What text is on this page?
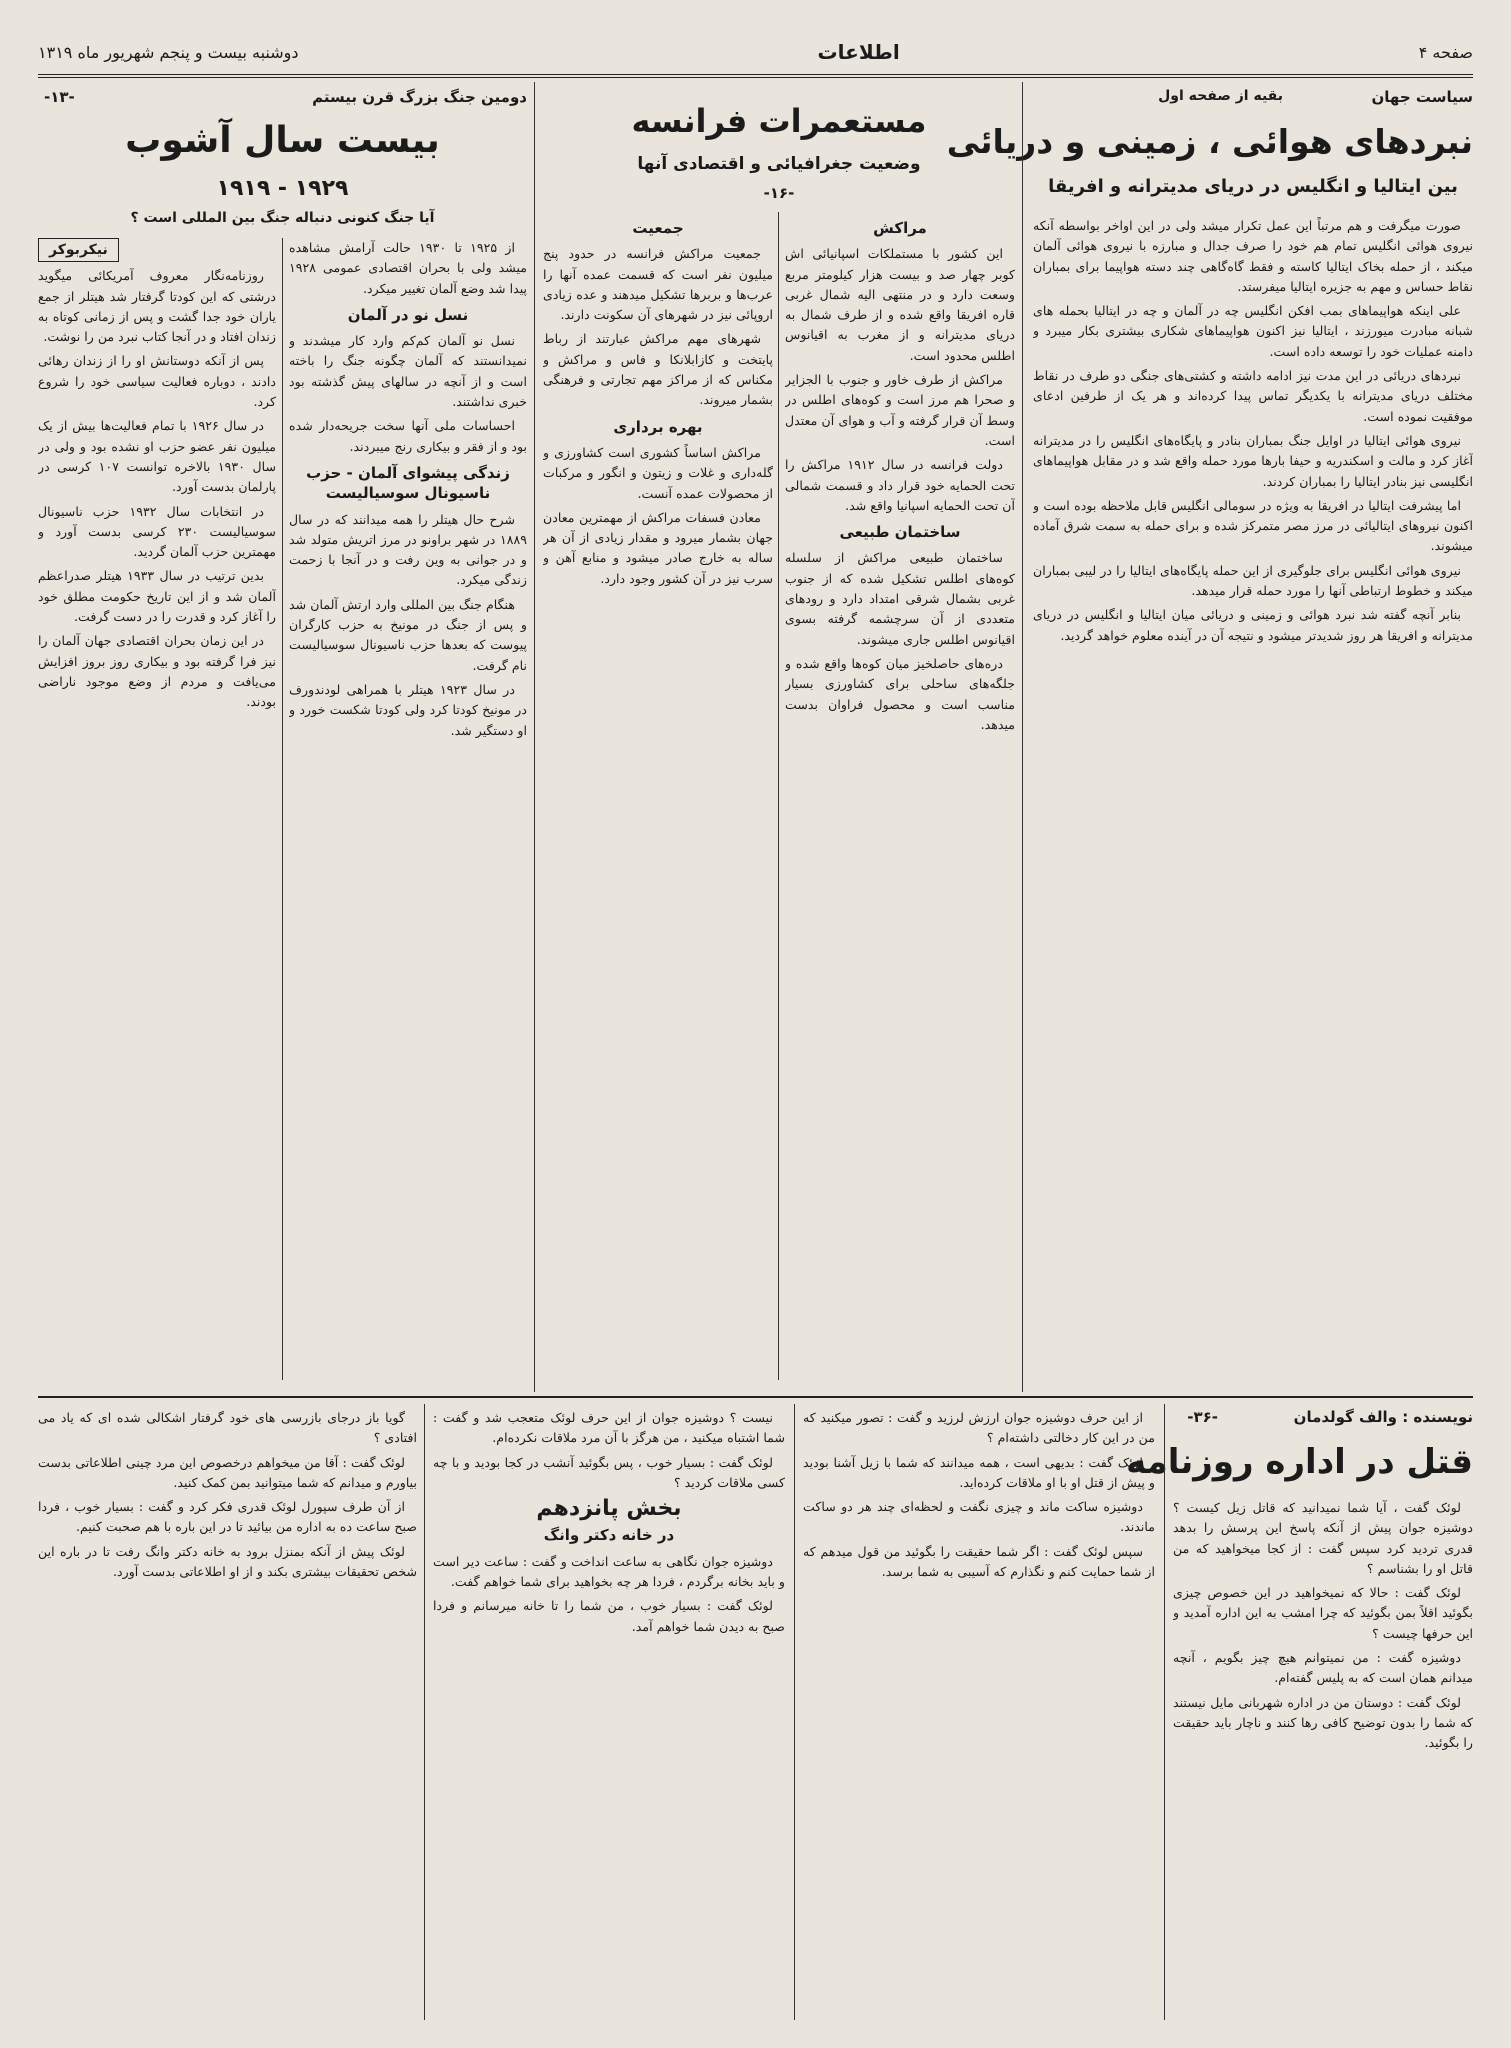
صفحه ۴
اطلاعات
دوشنبه بیست و پنجم شهریور ماه ۱۳۱۹
سیاست جهان
بقیه از صفحه اول
نبردهای هوائی ، زمینی و دریائی
بین ایتالیا و انگلیس در دریای مدیترانه و افریقا

صورت میگرفت و هم مرتباً این عمل تکرار میشد ولی در این اواخر بواسطه آنکه نیروی هوائی انگلیس تمام هم خود را صرف جدال و مبارزه با نیروی هوائی آلمان میکند ، از حمله بخاک ایتالیا کاسته و فقط گاه‌گاهی چند دسته هواپیما برای بمباران نقاط حساس و مهم به جزیره ایتالیا میفرستد.

علی اینکه هواپیماهای بمب افکن انگلیس چه در آلمان و چه در ایتالیا بحمله های شبانه مبادرت میورزند ، ایتالیا نیز اکنون هواپیماهای شکاری بیشتری بکار میبرد و دامنه عملیات خود را توسعه داده است.

نبردهای دریائی در این مدت نیز ادامه داشته و کشتی‌های جنگی دو طرف در نقاط مختلف دریای مدیترانه با یکدیگر تماس پیدا کرده‌اند و هر یک از طرفین ادعای موفقیت نموده است.

نیروی هوائی ایتالیا در اوایل جنگ بمباران بنادر و پایگاه‌های انگلیس را در مدیترانه آغاز کرد و مالت و اسکندریه و حیفا بارها مورد حمله واقع شد و در مقابل هواپیماهای انگلیسی نیز بنادر ایتالیا را بمباران کردند.

اما پیشرفت ایتالیا در افریقا به ویژه در سومالی انگلیس قابل ملاحظه بوده است و اکنون نیروهای ایتالیائی در مرز مصر متمرکز شده و برای حمله به سمت شرق آماده میشوند.

نیروی هوائی انگلیس برای جلوگیری از این حمله پایگاه‌های ایتالیا را در لیبی بمباران میکند و خطوط ارتباطی آنها را مورد حمله قرار میدهد.

بنابر آنچه گفته شد نبرد هوائی و زمینی و دریائی میان ایتالیا و انگلیس در دریای مدیترانه و افریقا هر روز شدیدتر میشود و نتیجه آن در آینده معلوم خواهد گردید.

مستعمرات فرانسه
وضعیت جغرافیائی و اقتصادی آنها
-۱۶-
مراکش

این کشور با مستملکات اسپانیائی اش کوبر چهار صد و بیست هزار کیلومتر مربع وسعت دارد و در منتهی الیه شمال غربی قاره افریقا واقع شده و از طرف شمال به دریای مدیترانه و از مغرب به اقیانوس اطلس محدود است.

مراکش از طرف خاور و جنوب با الجزایر و صحرا هم مرز است و کوه‌های اطلس در وسط آن قرار گرفته و آب و هوای آن معتدل است.

دولت فرانسه در سال ۱۹۱۲ مراکش را تحت الحمایه خود قرار داد و قسمت شمالی آن تحت الحمایه اسپانیا واقع شد.

ساختمان طبیعی

ساختمان طبیعی مراکش از سلسله کوه‌های اطلس تشکیل شده که از جنوب غربی بشمال شرقی امتداد دارد و رودهای متعددی از آن سرچشمه گرفته بسوی اقیانوس اطلس جاری میشوند.

دره‌های حاصلخیز میان کوه‌ها واقع شده و جلگه‌های ساحلی برای کشاورزی بسیار مناسب است و محصول فراوان بدست میدهد.

جمعیت

جمعیت مراکش فرانسه در حدود پنج میلیون نفر است که قسمت عمده آنها را عرب‌ها و بربرها تشکیل میدهند و عده زیادی اروپائی نیز در شهرهای آن سکونت دارند.

شهرهای مهم مراکش عبارتند از رباط پایتخت و کازابلانکا و فاس و مراکش و مکناس که از مراکز مهم تجارتی و فرهنگی بشمار میروند.

بهره برداری

مراکش اساساً کشوری است کشاورزی و گله‌داری و غلات و زیتون و انگور و مرکبات از محصولات عمده آنست.

معادن فسفات مراکش از مهمترین معادن جهان بشمار میرود و مقدار زیادی از آن هر ساله به خارج صادر میشود و منابع آهن و سرب نیز در آن کشور وجود دارد.

دومین جنگ بزرگ قرن بیستم
-۱۳-
بیست سال آشوب
۱۹۲۹ - ۱۹۱۹
آیا جنگ کنونی دنباله جنگ بین المللی است ؟

از ۱۹۲۵ تا ۱۹۳۰ حالت آرامش مشاهده میشد ولی با بحران اقتصادی عمومی ۱۹۲۸ پیدا شد وضع آلمان تغییر میکرد.

نسل نو در آلمان

نسل نو آلمان کم‌کم وارد کار میشدند و نمیدانستند که آلمان چگونه جنگ را باخته است و از آنچه در سالهای پیش گذشته بود خبری نداشتند.

احساسات ملی آنها سخت جریحه‌دار شده بود و از فقر و بیکاری رنج میبردند.

زندگی پیشوای آلمان - حزب ناسیونال سوسیالیست

شرح حال هیتلر را همه میدانند که در سال ۱۸۸۹ در شهر براونو در مرز اتریش متولد شد و در جوانی به وین رفت و در آنجا با زحمت زندگی میکرد.

هنگام جنگ بین المللی وارد ارتش آلمان شد و پس از جنگ در مونیخ به حزب کارگران پیوست که بعدها حزب ناسیونال سوسیالیست نام گرفت.

در سال ۱۹۲۳ هیتلر با همراهی لودندورف در مونیخ کودتا کرد ولی کودتا شکست خورد و او دستگیر شد.

نیکربوکر

روزنامه‌نگار معروف آمریکائی میگوید درشتی که این کودتا گرفتار شد هیتلر از جمع یاران خود جدا گشت و پس از زمانی کوتاه به زندان افتاد و در آنجا کتاب نبرد من را نوشت.

پس از آنکه دوستانش او را از زندان رهائی دادند ، دوباره فعالیت سیاسی خود را شروع کرد.

در سال ۱۹۲۶ با تمام فعالیت‌ها بیش از یک میلیون نفر عضو حزب او نشده بود و ولی در سال ۱۹۳۰ بالاخره توانست ۱۰۷ کرسی در پارلمان بدست آورد.

در انتخابات سال ۱۹۳۲ حزب ناسیونال سوسیالیست ۲۳۰ کرسی بدست آورد و مهمترین حزب آلمان گردید.

بدین ترتیب در سال ۱۹۳۳ هیتلر صدراعظم آلمان شد و از این تاریخ حکومت مطلق خود را آغاز کرد و قدرت را در دست گرفت.

در این زمان بحران اقتصادی جهان آلمان را نیز فرا گرفته بود و بیکاری روز بروز افزایش می‌یافت و مردم از وضع موجود ناراضی بودند.

نویسنده : والف گولدمان
-۳۶-
قتل در اداره روزنامه

لوئک گفت ، آیا شما نمیدانید که قاتل زیل کیست ؟ دوشیزه جوان پیش از آنکه پاسخ این پرسش را بدهد قدری تردید کرد سپس گفت : از کجا میخواهید که من قاتل او را بشناسم ؟

لوئک گفت : حالا که نمیخواهید در این خصوص چیزی بگوئید اقلاً بمن بگوئید که چرا امشب به این اداره آمدید و این حرفها چیست ؟

دوشیزه گفت : من نمیتوانم هیچ چیز بگویم ، آنچه میدانم همان است که به پلیس گفته‌ام.

لوئک گفت : دوستان من در اداره شهربانی مایل نیستند که شما را بدون توضیح کافی رها کنند و ناچار باید حقیقت را بگوئید.

از این حرف دوشیزه جوان ارزش لرزید و گفت : تصور میکنید که من در این کار دخالتی داشته‌ام ؟

لوئک گفت : بدیهی است ، همه میدانند که شما با زیل آشنا بودید و پیش از قتل او با او ملاقات کرده‌اید.

دوشیزه ساکت ماند و چیزی نگفت و لحظه‌ای چند هر دو ساکت ماندند.

سپس لوئک گفت : اگر شما حقیقت را بگوئید من قول میدهم که از شما حمایت کنم و نگذارم که آسیبی به شما برسد.

نیست ؟ دوشیزه جوان از این حرف لوئک متعجب شد و گفت : شما اشتباه میکنید ، من هرگز با آن مرد ملاقات نکرده‌ام.

لوئک گفت : بسیار خوب ، پس بگوئید آنشب در کجا بودید و با چه کسی ملاقات کردید ؟

بخش پانزدهم
در خانه دکتر وانگ

دوشیزه جوان نگاهی به ساعت انداخت و گفت : ساعت دیر است و باید بخانه برگردم ، فردا هر چه بخواهید برای شما خواهم گفت.

لوئک گفت : بسیار خوب ، من شما را تا خانه میرسانم و فردا صبح به دیدن شما خواهم آمد.

گویا باز درجای بازرسی های خود گرفتار اشکالی شده ای که یاد می افتادی ؟

لوئک گفت : آقا من میخواهم درخصوص این مرد چینی اطلاعاتی بدست بیاورم و میدانم که شما میتوانید بمن کمک کنید.

از آن طرف سپورل لوئک قدری فکر کرد و گفت : بسیار خوب ، فردا صبح ساعت ده به اداره من بیائید تا در این باره با هم صحبت کنیم.

لوئک پیش از آنکه بمنزل برود به خانه دکتر وانگ رفت تا در باره این شخص تحقیقات بیشتری بکند و از او اطلاعاتی بدست آورد.
